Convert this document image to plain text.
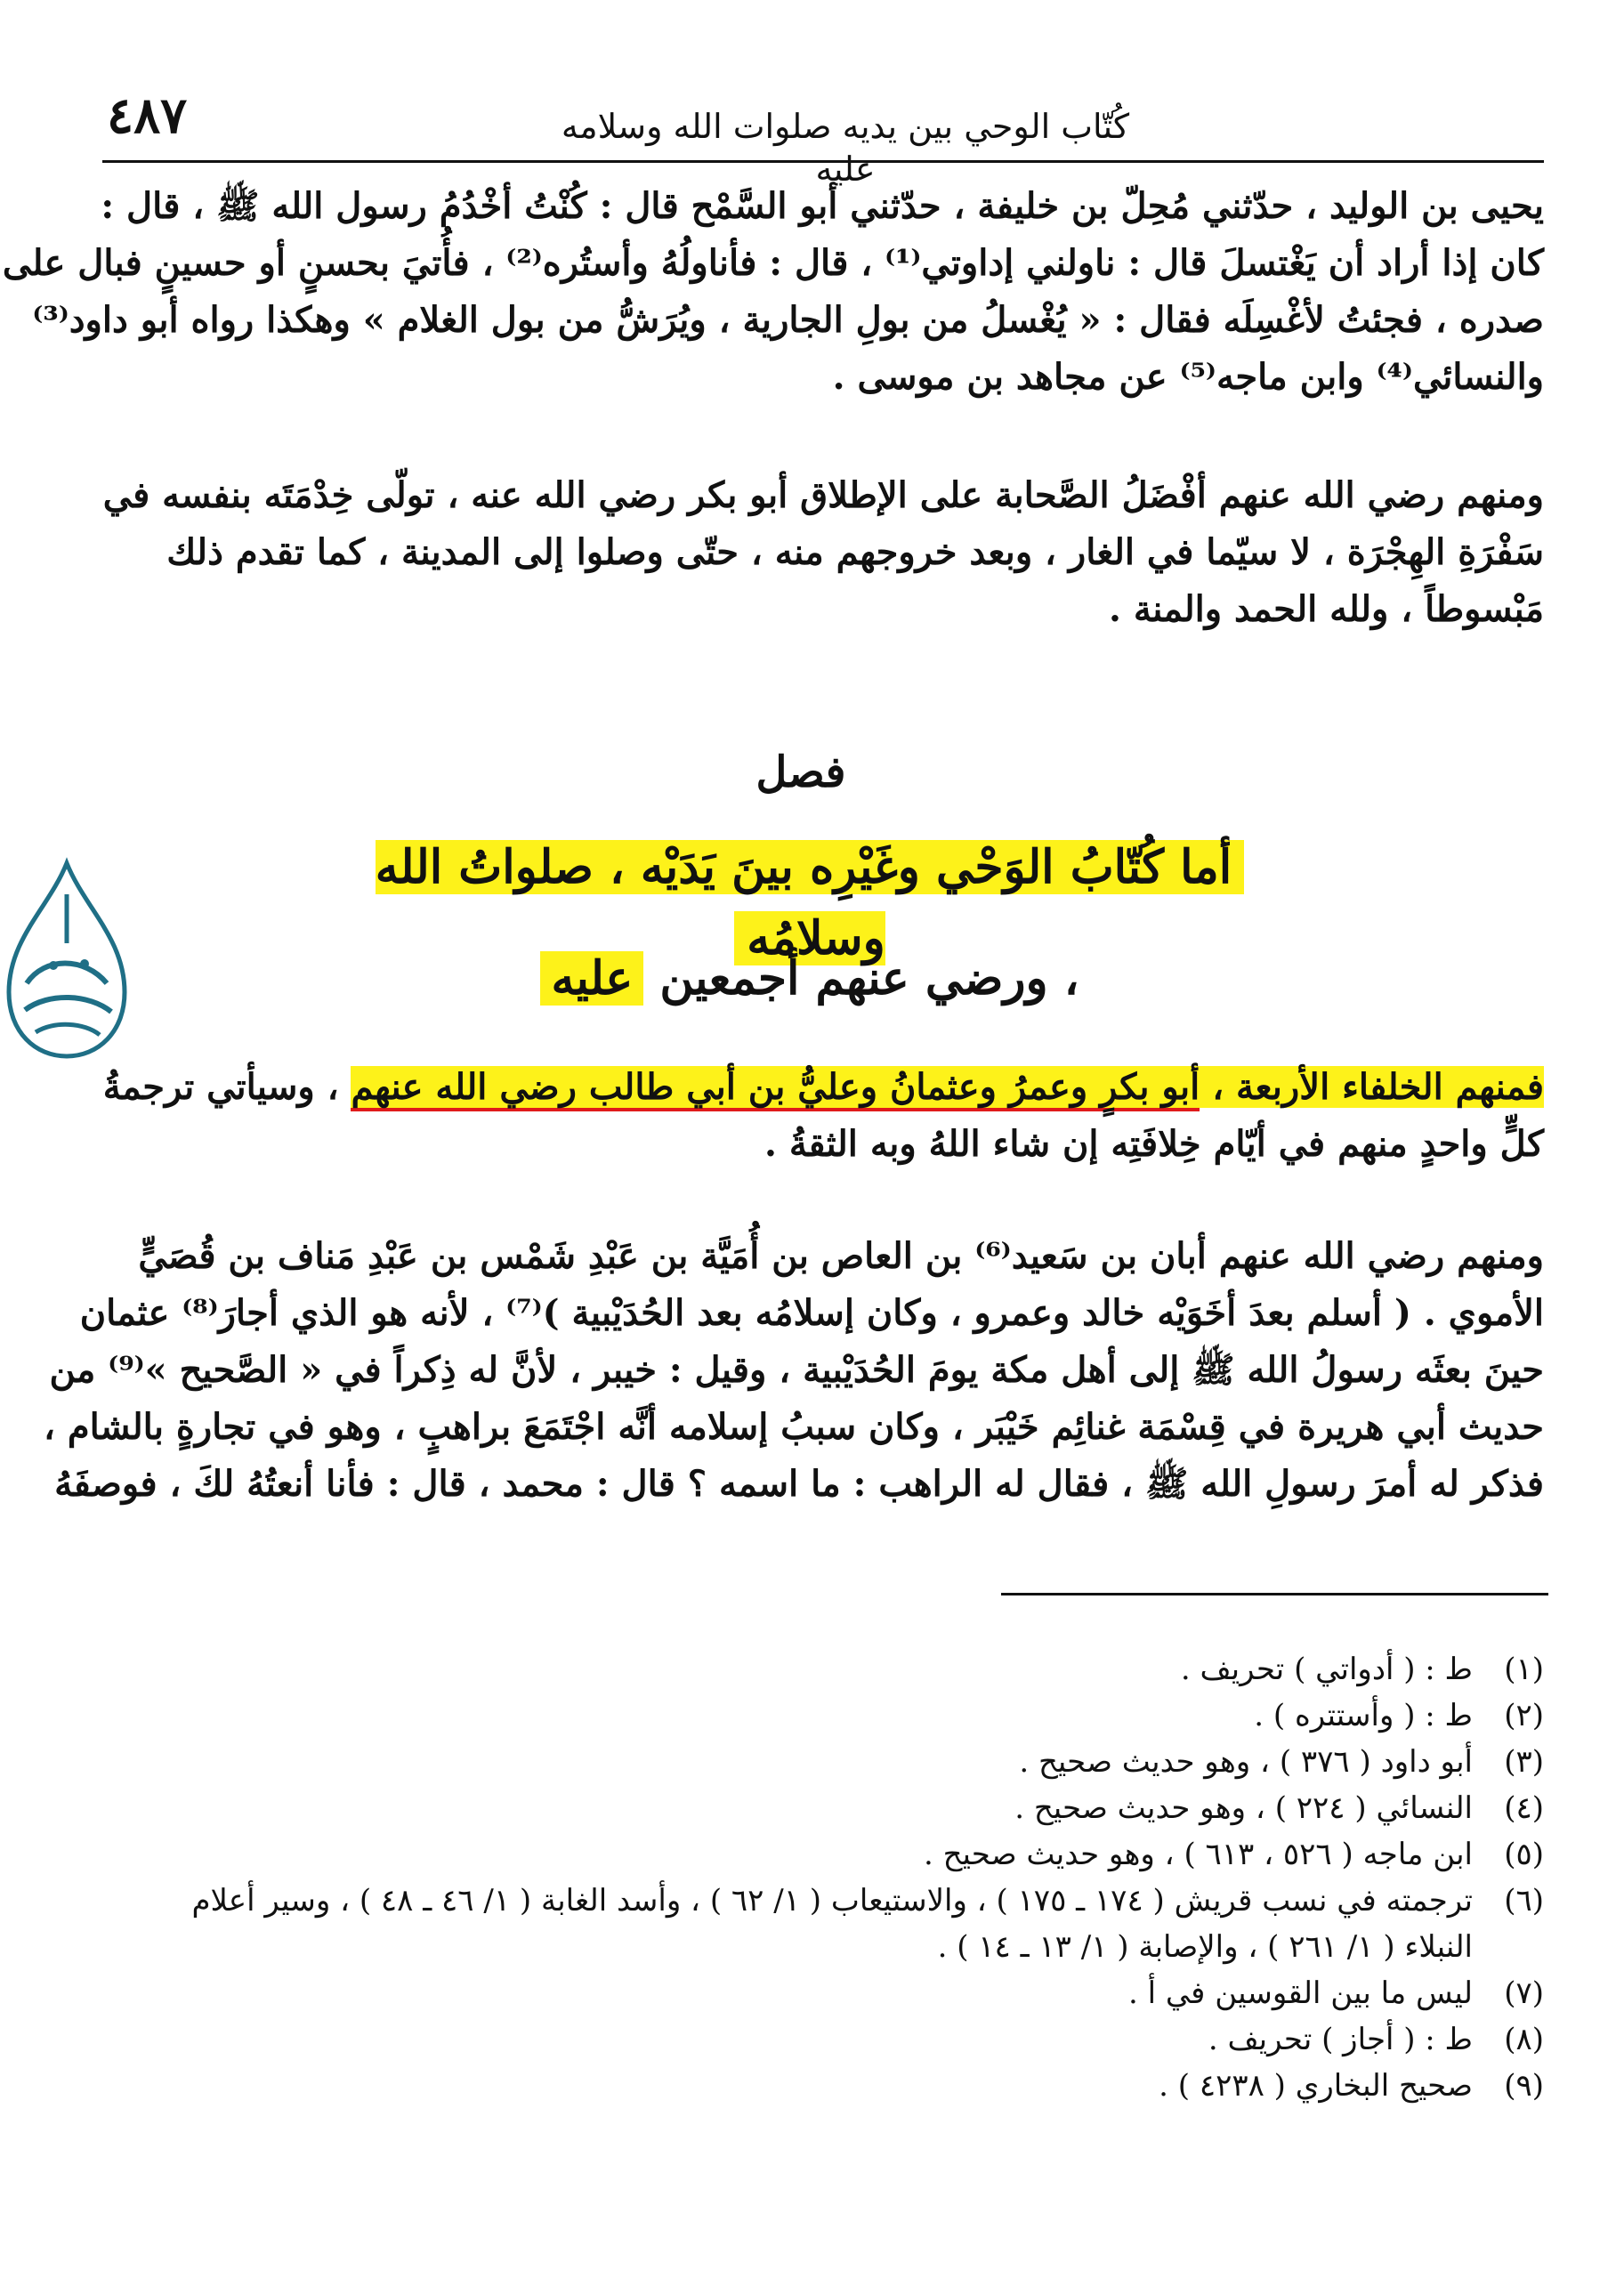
٤٨٧	كُتّاب الوحي بين يديه صلوات الله وسلامه عليه
يحيى بن الوليد ، حدّثني مُحِلّ بن خليفة ، حدّثني أبو السَّمْح قال : كُنْتُ أخْدُمُ رسول الله ﷺ ، قال :
كان إذا أراد أن يَغْتسلَ قال : ناولني إداوتي⁽¹⁾ ، قال : فأناولُهُ وأستُره⁽²⁾ ، فأُتيَ بحسنٍ أو حسينٍ فبال على
صدره ، فجئتُ لأغْسِلَه فقال : « يُغْسلُ من بولِ الجارية ، ويُرَشُّ من بول الغلام » وهكذا رواه أبو داود⁽³⁾
والنسائي⁽⁴⁾ وابن ماجه⁽⁵⁾ عن مجاهد بن موسى .
ومنهم رضي الله عنهم أفْضَلُ الصَّحابة على الإطلاق أبو بكر رضي الله عنه ، تولّى خِدْمَتَه بنفسه في
سَفْرَةِ الهِجْرَة ، لا سيّما في الغار ، وبعد خروجهم منه ، حتّى وصلوا إلى المدينة ، كما تقدم ذلك
مَبْسوطاً ، ولله الحمد والمنة .
فصل
أما كُتّابُ الوَحْي وغَيْرِه بينَ يَدَيْه ، صلواتُ الله وسلامُه
، ورضي عنهم أجمعين عليه
فمنهم الخلفاء الأربعة ، أبو بكرٍ وعمرُ وعثمانُ وعليُّ بن أبي طالب رضي الله عنهم ، وسيأتي ترجمةُ
كلٍّ واحدٍ منهم في أيّام خِلافَتِه إن شاء اللهُ وبه الثقةُ .
ومنهم رضي الله عنهم أبان بن سَعيد⁽⁶⁾ بن العاص بن أُمَيَّة بن عَبْدِ شَمْس بن عَبْدِ مَناف بن قُصَيٍّ
الأموي . ( أسلم بعدَ أخَوَيْه خالد وعمرو ، وكان إسلامُه بعد الحُدَيْبية )⁽⁷⁾ ، لأنه هو الذي أجارَ⁽⁸⁾ عثمان
حينَ بعثَه رسولُ الله ﷺ إلى أهل مكة يومَ الحُدَيْبية ، وقيل : خيبر ، لأنَّ له ذِكراً في « الصَّحيح »⁽⁹⁾ من
حديث أبي هريرة في قِسْمَة غنائِم خَيْبَر ، وكان سببُ إسلامه أنَّه اجْتَمَعَ براهبٍ ، وهو في تجارةٍ بالشام ،
فذكر له أمرَ رسولِ الله ﷺ ، فقال له الراهب : ما اسمه ؟ قال : محمد ، قال : فأنا أنعتُهُ لكَ ، فوصفَهُ
(١)ط : ( أدواتي ) تحريف .
(٢)ط : ( وأستتره ) .
(٣)أبو داود ( ٣٧٦ ) ، وهو حديث صحيح .
(٤)النسائي ( ٢٢٤ ) ، وهو حديث صحيح .
(٥)ابن ماجه ( ٥٢٦ ، ٦١٣ ) ، وهو حديث صحيح .
(٦)ترجمته في نسب قريش ( ١٧٤ ـ ١٧٥ ) ، والاستيعاب ( ١/ ٦٢ ) ، وأسد الغابة ( ١/ ٤٦ ـ ٤٨ ) ، وسير أعلام
النبلاء ( ١/ ٢٦١ ) ، والإصابة ( ١/ ١٣ ـ ١٤ ) .
(٧)ليس ما بين القوسين في أ .
(٨)ط : ( أجاز ) تحريف .
(٩)صحيح البخاري ( ٤٢٣٨ ) .
